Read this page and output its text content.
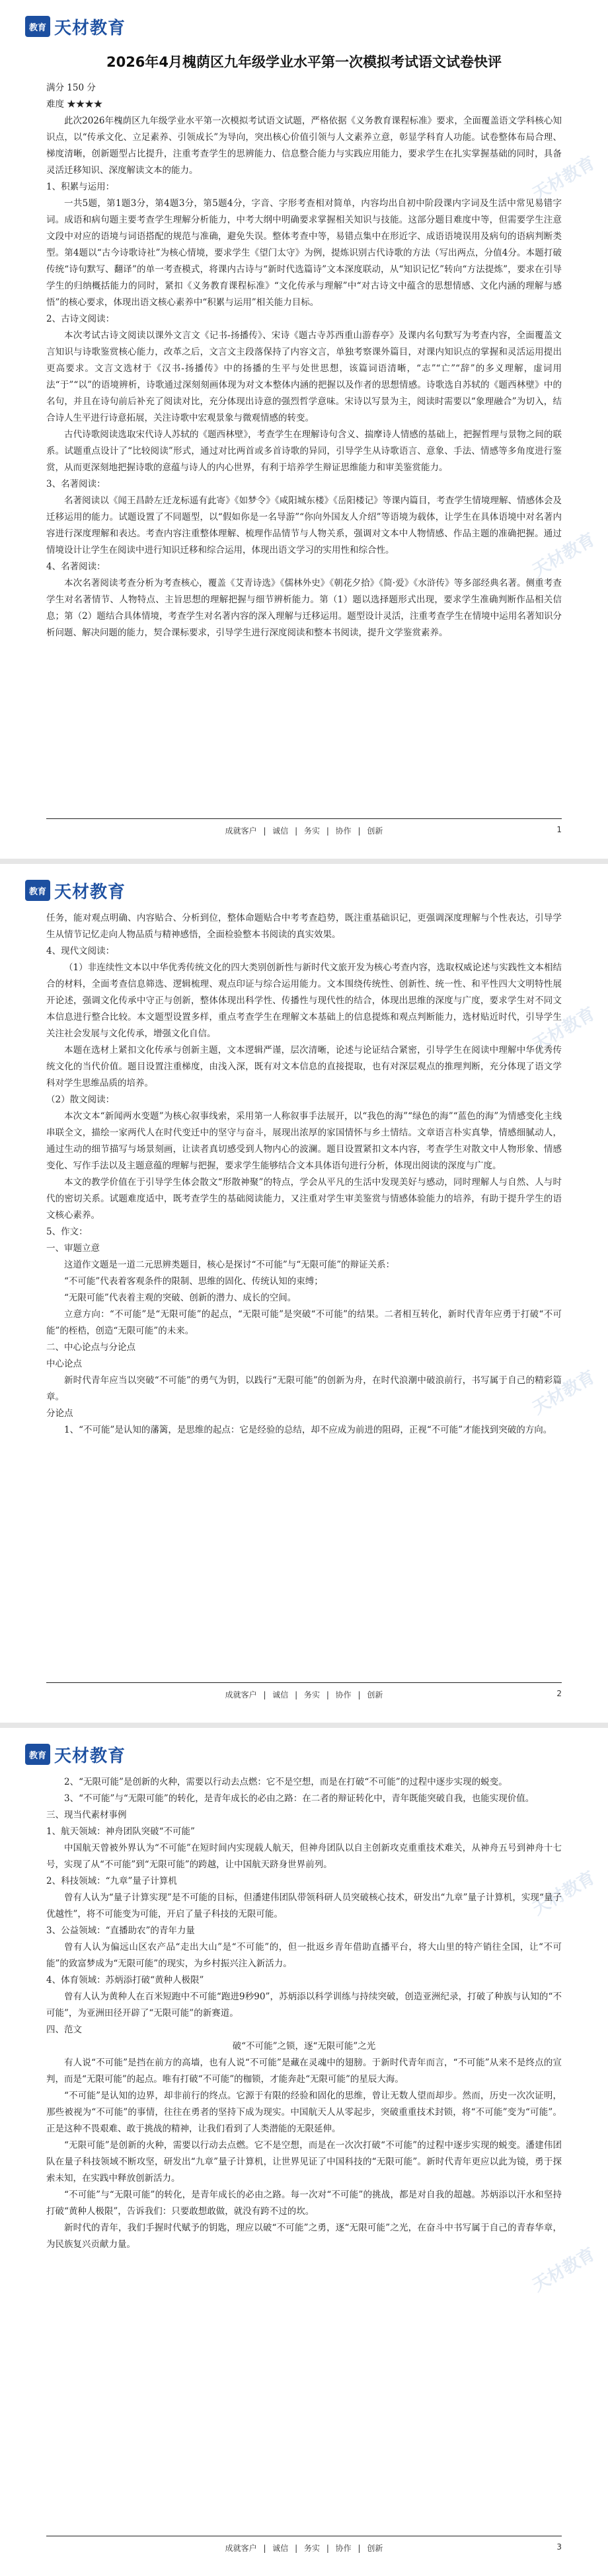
天材教育
天材教育
教育 天材教育
2026年4月槐荫区九年级学业水平第一次模拟考试语文试卷快评

满分 150 分

难度 ★★★★

此次2026年槐荫区九年级学业水平第一次模拟考试语文试题，严格依据《义务教育课程标准》要求，全面覆盖语文学科核心知识点，以“传承文化、立足素养、引领成长”为导向，突出核心价值引领与人文素养立意，彰显学科育人功能。试卷整体布局合理、梯度清晰，创新题型占比提升，注重考查学生的思辨能力、信息整合能力与实践应用能力，要求学生在扎实掌握基础的同时，具备灵活迁移知识、深度解读文本的能力。

1、积累与运用：

一共5题，第1题3分，第4题3分，第5题4分，字音、字形考查相对简单，内容均出自初中阶段课内字词及生活中常见易错字词。成语和病句题主要考查学生理解分析能力，中考大纲中明确要求掌握相关知识与技能。这部分题目难度中等，但需要学生注意文段中对应的语境与词语搭配的规范与准确，避免失误。整体考查中等，易错点集中在形近字、成语语境误用及病句的语病判断类型。第4题以“古今诗歌诗社”为核心情境，要求学生《望门太守》为例，提炼识别古代诗歌的方法（写出两点，分值4分。本题打破传统“诗句默写、翻译”的单一考查模式，将课内古诗与“新时代选篇诗”文本深度联动，从“知识记忆”转向“方法提炼”，要求在引导学生的归纳概括能力的同时，紧扣《义务教育课程标准》“文化传承与理解”中“对古诗文中蕴含的思想情感、文化内涵的理解与感悟”的核心要求，体现出语文核心素养中“积累与运用”相关能力目标。

2、古诗文阅读：

本次考试古诗文阅读以课外文言文《记书-扬播传》、宋诗《题古寺苏西重山游春亭》及课内名句默写为考查内容，全面覆盖文言知识与诗歌鉴赏核心能力，改革之后，文言文主段落保持了内容文言，单独考察课外篇目，对课内知识点的掌握和灵活运用提出更高要求。文言文选材于《汉书-扬播传》中的扬播的生平与处世思想，该篇词语清晰，“志”“亡”“辞”的多义理解，虚词用法“于”“以”的语境辨析，诗歌通过深刻刻画体现为对文本整体内涵的把握以及作者的思想情感。诗歌选自苏轼的《题西林壁》中的名句，并且在诗句前后补充了阅读对比，充分体现出诗意的强烈哲学意味。宋诗以写景为主，阅读时需要以“象理融合”为切入，结合诗人生平进行诗意拓展，关注诗歌中宏观景象与微观情感的转变。

古代诗歌阅读选取宋代诗人苏轼的《题西林壁》，考查学生在理解诗句含义、揣摩诗人情感的基础上，把握哲理与景物之间的联系。试题重点设计了“比较阅读”形式，通过对比两首或多首诗歌的异同，引导学生从诗歌语言、意象、手法、情感等多角度进行鉴赏，从而更深刻地把握诗歌的意蕴与诗人的内心世界，有利于培养学生辩证思维能力和审美鉴赏能力。

3、名著阅读：

名著阅读以《闻王昌龄左迁龙标遥有此寄》《如梦令》《咸阳城东楼》《岳阳楼记》等课内篇目，考查学生情境理解、情感体会及迁移运用的能力。试题设置了不同题型，以“假如你是一名导游”“你向外国友人介绍”等语境为载体，让学生在具体语境中对名著内容进行深度理解和表达。考查内容注重整体理解、梳理作品情节与人物关系，强调对文本中人物情感、作品主题的准确把握。通过情境设计让学生在阅读中进行知识迁移和综合运用，体现出语文学习的实用性和综合性。

4、名著阅读：

本次名著阅读考查分析为考查核心，覆盖《艾青诗选》《儒林外史》《朝花夕拾》《简·爱》《水浒传》等多部经典名著。侧重考查学生对名著情节、人物特点、主旨思想的理解把握与细节辨析能力。第（1）题以选择题形式出现，要求学生准确判断作品相关信息；第（2）题结合具体情境，考查学生对名著内容的深入理解与迁移运用。题型设计灵活，注重考查学生在情境中运用名著知识分析问题、解决问题的能力，契合课标要求，引导学生进行深度阅读和整本书阅读，提升文学鉴赏素养。

成就客户 | 诚信 | 务实 | 协作 | 创新	1
天材教育
天材教育
教育 天材教育

任务，能对观点明确、内容贴合、分析到位，整体命题贴合中考考查趋势，既注重基础识记，更强调深度理解与个性表达，引导学生从情节记忆走向人物品质与精神感悟，全面检验整本书阅读的真实效果。

4、现代文阅读：

（1）非连续性文本以中华优秀传统文化的四大类别创新性与新时代文旅开发为核心考查内容，选取权威论述与实践性文本相结合的材料，全面考查信息筛选、逻辑梳理、观点印证与综合运用能力。文本围绕传统性、创新性、统一性、和平性四大文明特性展开论述，强调文化传承中守正与创新，整体体现出科学性、传播性与现代性的结合，体现出思维的深度与广度，要求学生对不同文本信息进行整合比较。本文题型设置多样，重点考查学生在理解文本基础上的信息提炼和观点判断能力，选材贴近时代，引导学生关注社会发展与文化传承，增强文化自信。

本题在选材上紧扣文化传承与创新主题，文本逻辑严谨，层次清晰，论述与论证结合紧密，引导学生在阅读中理解中华优秀传统文化的当代价值。题目设置注重梯度，由浅入深，既有对文本信息的直接提取，也有对深层观点的推理判断，充分体现了语文学科对学生思维品质的培养。

（2）散文阅读：

本次文本“新闻两水变题”为核心叙事线索，采用第一人称叙事手法展开，以“我色的海”“绿色的海”“蓝色的海”为情感变化主线串联全文，描绘一家两代人在时代变迁中的坚守与奋斗，展现出浓厚的家国情怀与乡土情结。文章语言朴实真挚，情感细腻动人，通过生动的细节描写与场景刻画，让读者真切感受到人物内心的波澜。题目设置紧扣文本内容，考查学生对散文中人物形象、情感变化、写作手法以及主题意蕴的理解与把握，要求学生能够结合文本具体语句进行分析，体现出阅读的深度与广度。

本文的教学价值在于引导学生体会散文“形散神聚”的特点，学会从平凡的生活中发现美好与感动，同时理解人与自然、人与时代的密切关系。试题难度适中，既考查学生的基础阅读能力，又注重对学生审美鉴赏与情感体验能力的培养，有助于提升学生的语文核心素养。

5、作文：

一、审题立意

这道作文题是一道二元思辨类题目，核心是探讨“不可能”与“无限可能”的辩证关系：

“不可能”代表着客观条件的限制、思维的固化、传统认知的束缚；

“无限可能”代表着主观的突破、创新的潜力、成长的空间。

立意方向：“不可能”是“无限可能”的起点，“无限可能”是突破“不可能”的结果。二者相互转化，新时代青年应勇于打破“不可能”的桎梏，创造“无限可能”的未来。

二、中心论点与分论点

中心论点

新时代青年应当以突破“不可能”的勇气为钥，以践行“无限可能”的创新为舟，在时代浪潮中破浪前行，书写属于自己的精彩篇章。

分论点

1、“不可能”是认知的藩篱，是思维的起点：它是经验的总结，却不应成为前进的阻碍，正视“不可能”才能找到突破的方向。

成就客户 | 诚信 | 务实 | 协作 | 创新	2
天材教育
天材教育
教育 天材教育

2、“无限可能”是创新的火种，需要以行动去点燃：它不是空想，而是在打破“不可能”的过程中逐步实现的蜕变。

3、“不可能”与“无限可能”的转化，是青年成长的必由之路：在二者的辩证转化中，青年既能突破自我，也能实现价值。

三、现当代素材事例

1、航天领域：神舟团队突破“不可能”

中国航天曾被外界认为“不可能”在短时间内实现载人航天，但神舟团队以自主创新攻克重重技术难关，从神舟五号到神舟十七号，实现了从“不可能”到“无限可能”的跨越，让中国航天跻身世界前列。

2、科技领域：“九章”量子计算机

曾有人认为“量子计算实现”是不可能的目标，但潘建伟团队带领科研人员突破核心技术，研发出“九章”量子计算机，实现“量子优越性”，将不可能变为可能，开启了量子科技的无限可能。

3、公益领域：“直播助农”的青年力量

曾有人认为偏远山区农产品“走出大山”是“不可能”的，但一批返乡青年借助直播平台，将大山里的特产销往全国，让“不可能”的致富梦成为“无限可能”的现实，为乡村振兴注入新活力。

4、体育领域：苏炳添打破“黄种人极限”

曾有人认为黄种人在百米短跑中不可能“跑进9秒90”，苏炳添以科学训练与持续突破，创造亚洲纪录，打破了种族与认知的“不可能”，为亚洲田径开辟了“无限可能”的新赛道。

四、范文

破“不可能”之锁，逐“无限可能”之光

有人说“不可能”是挡在前方的高墙，也有人说“不可能”是藏在灵魂中的翅膀。于新时代青年而言，“不可能”从来不是终点的宣判，而是“无限可能”的起点。唯有打破“不可能”的枷锁，才能奔赴“无限可能”的星辰大海。

“不可能”是认知的边界，却非前行的终点。它源于有限的经验和固化的思维，曾让无数人望而却步。然而，历史一次次证明，那些被视为“不可能”的事情，往往在勇者的坚持下成为现实。中国航天人从零起步，突破重重技术封锁，将“不可能”变为“可能”。正是这种不畏艰难、敢于挑战的精神，让我们看到了人类潜能的无限延伸。

“无限可能”是创新的火种，需要以行动去点燃。它不是空想，而是在一次次打破“不可能”的过程中逐步实现的蜕变。潘建伟团队在量子科技领域不断攻坚，研发出“九章”量子计算机，让世界见证了中国科技的“无限可能”。新时代青年更应以此为镜，勇于探索未知，在实践中释放创新活力。

“不可能”与“无限可能”的转化，是青年成长的必由之路。每一次对“不可能”的挑战，都是对自我的超越。苏炳添以汗水和坚持打破“黄种人极限”，告诉我们：只要敢想敢做，就没有跨不过的坎。

新时代的青年，我们手握时代赋予的钥匙，理应以破“不可能”之勇，逐“无限可能”之光，在奋斗中书写属于自己的青春华章，为民族复兴贡献力量。

成就客户 | 诚信 | 务实 | 协作 | 创新	3
